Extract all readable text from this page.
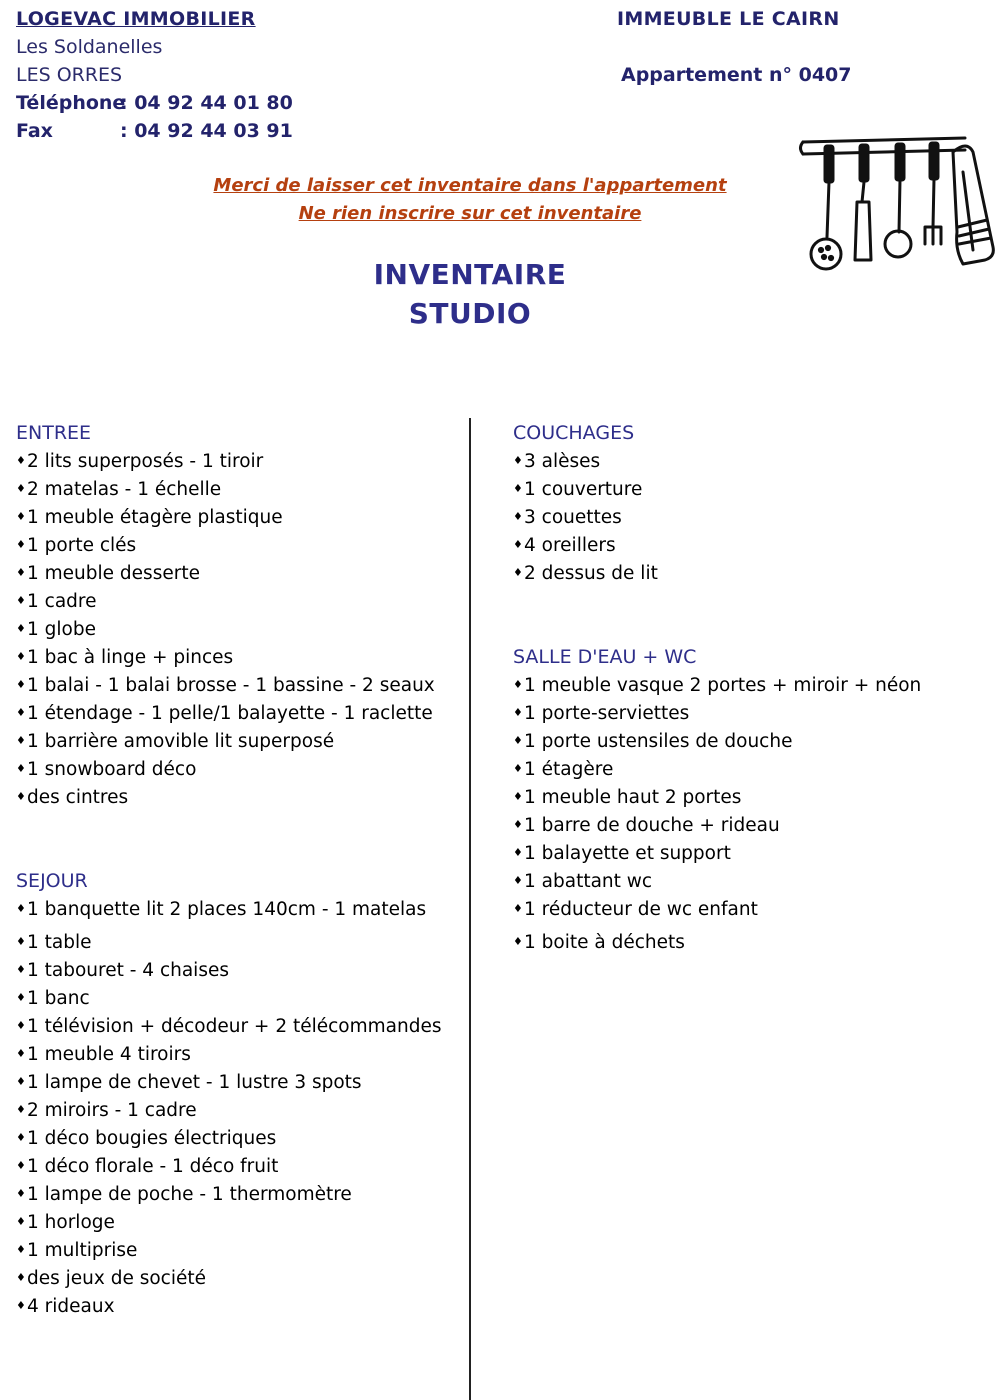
LOGEVAC IMMOBILIER
Les Soldanelles
LES ORRES
Téléphone
: 04 92 44 01 80
Fax	: 04 92 44 03 91
IMMEUBLE LE CAIRN
Appartement n° 0407
Merci de laisser cet inventaire dans l'appartement
Ne rien inscrire sur cet inventaire
INVENTAIRE
STUDIO
ENTREE
♦ 2 lits superposés - 1 tiroir
♦ 2 matelas - 1 échelle
♦ 1 meuble étagère plastique
♦ 1 porte clés
♦ 1 meuble desserte
♦ 1 cadre
♦ 1 globe
♦ 1 bac à linge + pinces
♦ 1 balai - 1 balai brosse - 1 bassine - 2 seaux
♦ 1 étendage - 1 pelle/1 balayette - 1 raclette
♦ 1 barrière amovible lit superposé
♦ 1 snowboard déco
♦ des cintres
SEJOUR
♦ 1 banquette lit 2 places 140cm - 1 matelas
♦ 1 table
♦ 1 tabouret - 4 chaises
♦ 1 banc
♦ 1 télévision + décodeur + 2 télécommandes
♦ 1 meuble 4 tiroirs
♦ 1 lampe de chevet - 1 lustre 3 spots
♦ 2 miroirs - 1 cadre
♦ 1 déco bougies électriques
♦ 1 déco florale - 1 déco fruit
♦ 1 lampe de poche - 1 thermomètre
♦ 1 horloge
♦ 1 multiprise
♦ des jeux de société
♦ 4 rideaux
COUCHAGES
♦ 3 alèses
♦ 1 couverture
♦ 3 couettes
♦ 4 oreillers
♦ 2 dessus de lit
SALLE D'EAU + WC
♦ 1 meuble vasque 2 portes + miroir + néon
♦ 1 porte-serviettes
♦ 1 porte ustensiles de douche
♦ 1 étagère
♦ 1 meuble haut 2 portes
♦ 1 barre de douche + rideau
♦ 1 balayette et support
♦ 1 abattant wc
♦ 1 réducteur de wc enfant
♦ 1 boite à déchets
